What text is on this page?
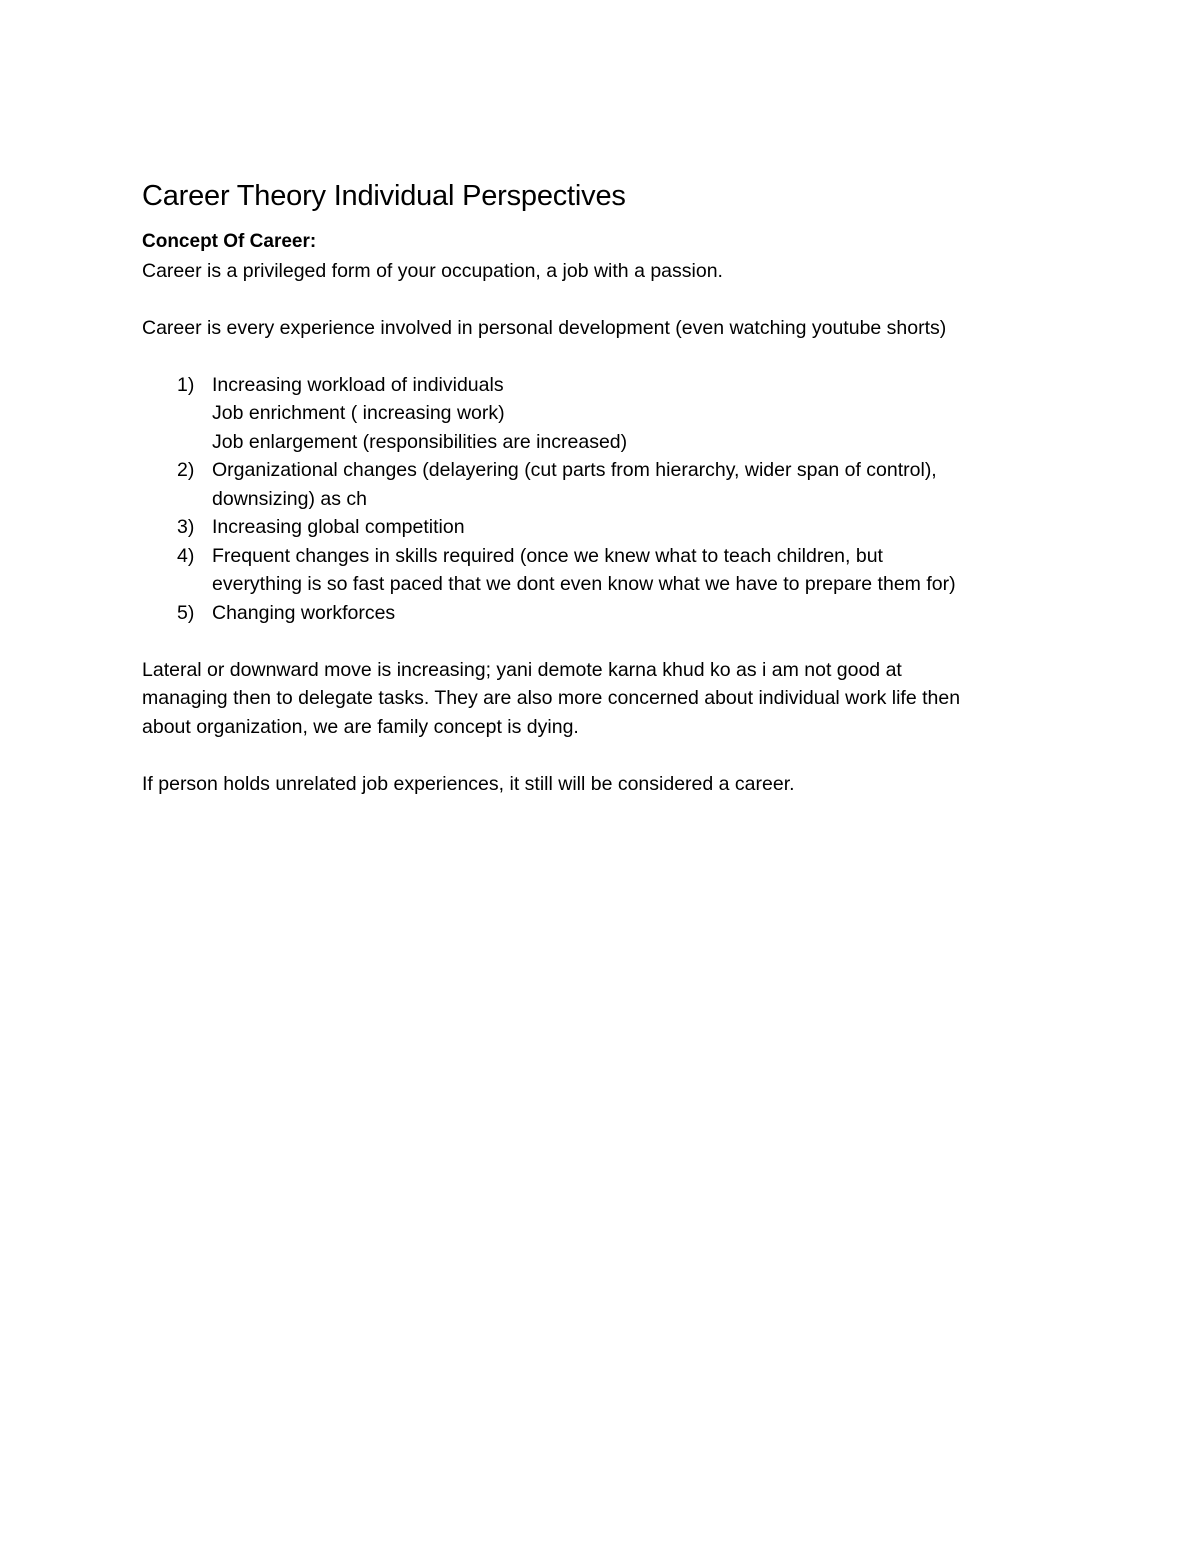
Career Theory Individual Perspectives

Concept Of Career:

Career is a privileged form of your occupation, a job with a passion.

Career is every experience involved in personal development (even watching youtube shorts)

1) Increasing workload of individuals
Job enrichment ( increasing work)
Job enlargement (responsibilities are increased)
2) Organizational changes (delayering (cut parts from hierarchy, wider span of control),
downsizing) as ch
3) Increasing global competition
4) Frequent changes in skills required (once we knew what to teach children, but
everything is so fast paced that we dont even know what we have to prepare them for)
5) Changing workforces

Lateral or downward move is increasing; yani demote karna khud ko as i am not good at
managing then to delegate tasks. They are also more concerned about individual work life then
about organization, we are family concept is dying.

If person holds unrelated job experiences, it still will be considered a career.
